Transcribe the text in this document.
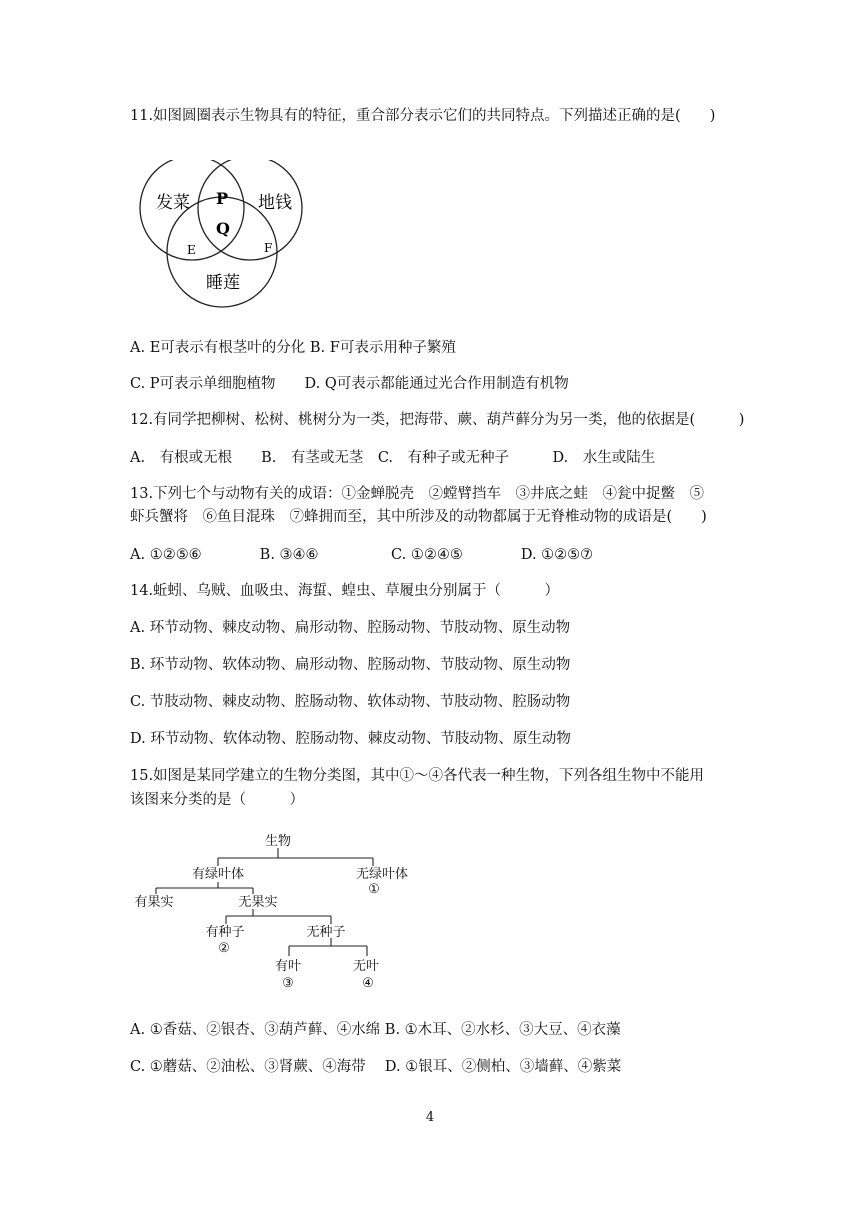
11.如图圆圈表示生物具有的特征，重合部分表示它们的共同特点。下列描述正确的是(　　)
发菜	地钱
睡莲
P
Q
E	F
A. E可表示有根茎叶的分化 B. F可表示用种子繁殖
C. P可表示单细胞植物　　D. Q可表示都能通过光合作用制造有机物
12.有同学把柳树、松树、桃树分为一类，把海带、蕨、葫芦藓分为另一类，他的依据是(　　　)
A.　有根或无根　　B.　有茎或无茎　C.　有种子或无种子　　　D.　水生或陆生
13.下列七个与动物有关的成语：①金蝉脱壳　②螳臂挡车　③井底之蛙　④瓮中捉鳖　⑤
虾兵蟹将　⑥鱼目混珠　⑦蜂拥而至，其中所涉及的动物都属于无脊椎动物的成语是(　　)
A. ①②⑤⑥　　　　B. ③④⑥　　　　　C. ①②④⑤　　　　D. ①②⑤⑦
14.蚯蚓、乌贼、血吸虫、海蜇、蝗虫、草履虫分别属于（　　　）
A. 环节动物、棘皮动物、扁形动物、腔肠动物、节肢动物、原生动物
B. 环节动物、软体动物、扁形动物、腔肠动物、节肢动物、原生动物
C. 节肢动物、棘皮动物、腔肠动物、软体动物、节肢动物、腔肠动物
D. 环节动物、软体动物、腔肠动物、棘皮动物、节肢动物、原生动物
15.如图是某同学建立的生物分类图，其中①～④各代表一种生物，下列各组生物中不能用
该图来分类的是（　　　）
生物
有绿叶体	无绿叶体
①
有果实	无果实
有种子
②
无种子
有叶
③
无叶
④
A. ①香菇、②银杏、③葫芦藓、④水绵 B. ①木耳、②水杉、③大豆、④衣藻
C. ①蘑菇、②油松、③肾蕨、④海带　 D. ①银耳、②侧柏、③墙藓、④紫菜
4
